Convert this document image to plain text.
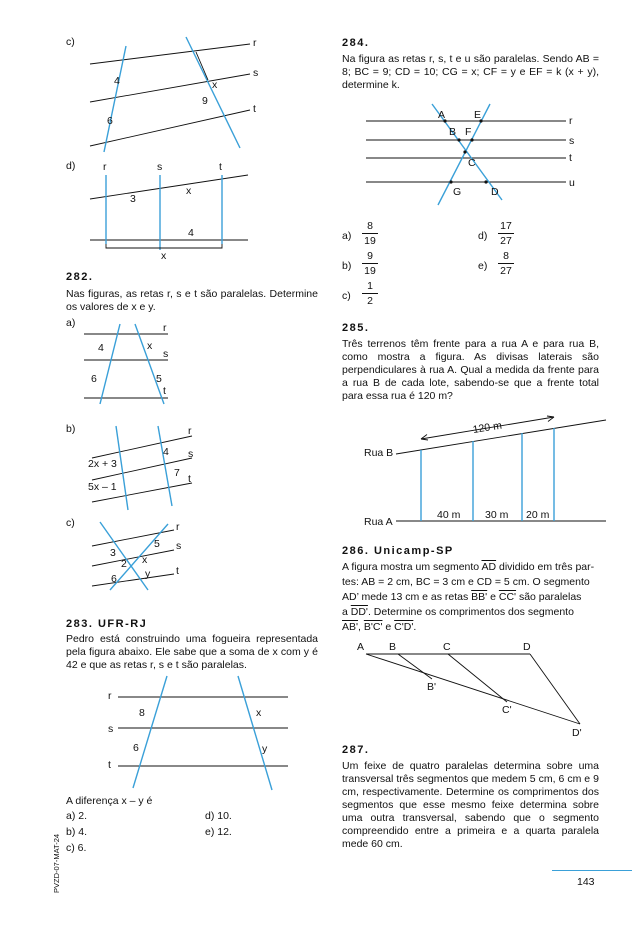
c)	r
s
t
4
6
x
9
d)	r	s	t
3
x
4
x
282.
Nas figuras, as retas r, s e t são paralelas. Determine os valores de x e y.
a)	r
s
t
4	x
6	5
b)	r
s
t
2x + 3
5x – 1
4
7
c)	r
s
t
3
5
2 x
6	y
283. UFR-RJ
Pedro está construindo uma fogueira representada pela figura abaixo. Ele sabe que a soma de x com y é 42 e que as retas r, s e t são paralelas.
r
s
t
8	x
6	y
A diferença x – y é
a) 2.
b) 4.
c) 6.
d) 10.
e) 12.
PVZD-07-MAT-24
284.
Na figura as retas r, s, t e u são paralelas. Sendo AB = 8; BC = 9; CD = 10; CG = x; CF = y e EF = k (x + y), determine k.
A	E
B F
C
G	D
r
s
t
u
$a) \frac{8}{19}$
$b) \frac{9}{19}$
$c) \frac{1}{2}$
$d) \frac{17}{27}$
$e) \frac{8}{27}$
285.
Três terrenos têm frente para a rua A e para rua B, como mostra a figura. As divisas laterais são perpendiculares à rua A. Qual a medida da frente para a rua B de cada lote, sabendo-se que a frente total para essa rua é 120 m?
120 m
Rua B
Rua A
40 m 30 m 20 m
286. Unicamp-SP
A figura mostra um segmento $\overline{AD}$ dividido em três par-
tes: AB = 2 cm, BC = 3 cm e CD = 5 cm. O segmento
AD’ mede 13 cm e as retas BB' e CC' são paralelas
a DD'. Determine os comprimentos dos segmento
AB', B'C' e C'D'.
A B	C	D
B'
C'
D'
287.
Um feixe de quatro paralelas determina sobre uma transversal três segmentos que medem 5 cm, 6 cm e 9 cm, respectivamente. Determine os comprimentos dos segmentos que esse mesmo feixe determina sobre uma outra transversal, sabendo que o segmento compreendido entre a primeira e a quarta paralela mede 60 cm.
143
